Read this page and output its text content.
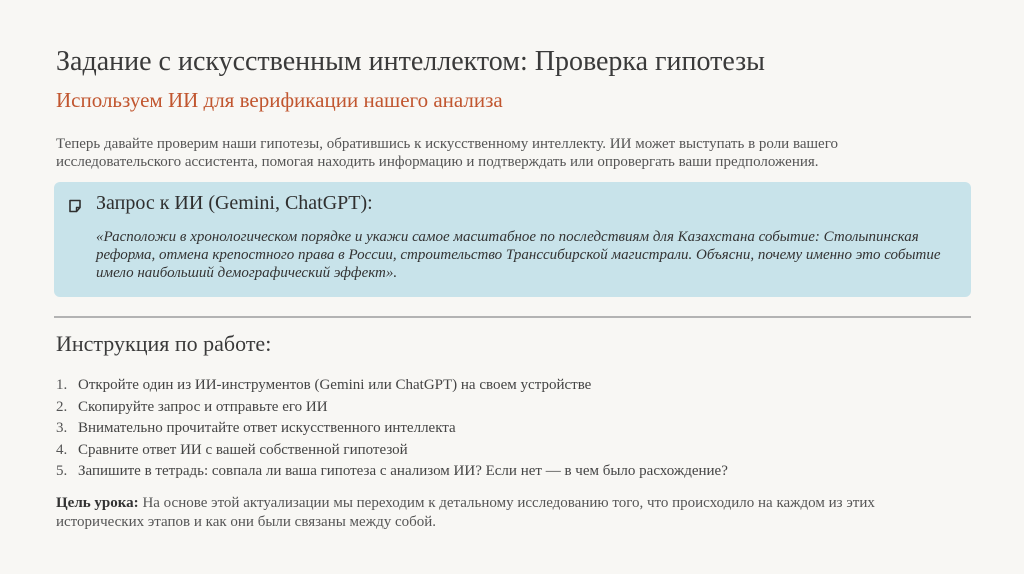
Задание с искусственным интеллектом: Проверка гипотезы
Используем ИИ для верификации нашего анализа
Теперь давайте проверим наши гипотезы, обратившись к искусственному интеллекту. ИИ может выступать в роли вашего исследовательского ассистента, помогая находить информацию и подтверждать или опровергать ваши предположения.
Запрос к ИИ (Gemini, ChatGPT):
«Расположи в хронологическом порядке и укажи самое масштабное по последствиям для Казахстана событие: Столыпинская реформа, отмена крепостного права в России, строительство Транссибирской магистрали. Объясни, почему именно это событие имело наибольший демографический эффект».
Инструкция по работе:
1. Откройте один из ИИ-инструментов (Gemini или ChatGPT) на своем устройстве
2. Скопируйте запрос и отправьте его ИИ
3. Внимательно прочитайте ответ искусственного интеллекта
4. Сравните ответ ИИ с вашей собственной гипотезой
5. Запишите в тетрадь: совпала ли ваша гипотеза с анализом ИИ? Если нет — в чем было расхождение?
Цель урока: На основе этой актуализации мы переходим к детальному исследованию того, что происходило на каждом из этих исторических этапов и как они были связаны между собой.
